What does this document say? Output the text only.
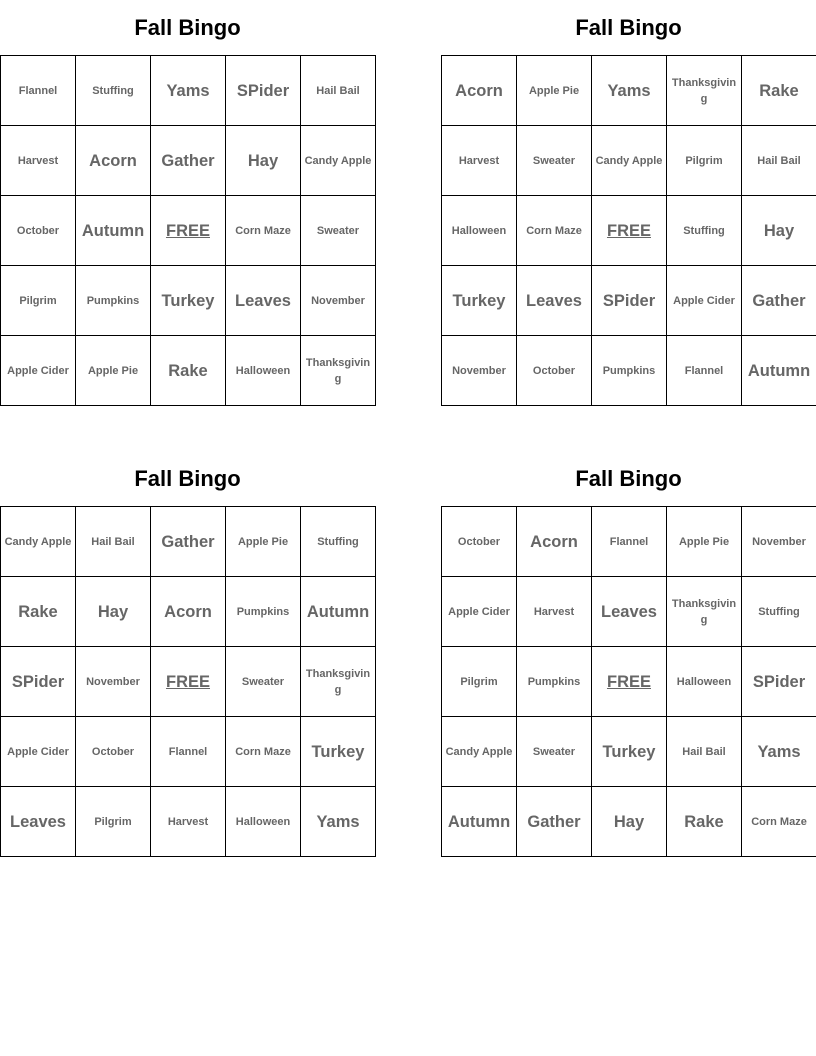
Fall Bingo
Flannel	Stuffing	Yams	SPider	Hail Bail
Harvest	Acorn	Gather	Hay	Candy Apple
October	Autumn	FREE	Corn Maze	Sweater
Pilgrim	Pumpkins	Turkey	Leaves	November
Apple Cider	Apple Pie	Rake	Halloween	Thanksgiving
Fall Bingo
Acorn	Apple Pie	Yams	Thanksgiving	Rake
Harvest	Sweater	Candy Apple	Pilgrim	Hail Bail
Halloween	Corn Maze	FREE	Stuffing	Hay
Turkey	Leaves	SPider	Apple Cider	Gather
November	October	Pumpkins	Flannel	Autumn
Fall Bingo
Candy Apple	Hail Bail	Gather	Apple Pie	Stuffing
Rake	Hay	Acorn	Pumpkins	Autumn
SPider	November	FREE	Sweater	Thanksgiving
Apple Cider	October	Flannel	Corn Maze	Turkey
Leaves	Pilgrim	Harvest	Halloween	Yams
Fall Bingo
October	Acorn	Flannel	Apple Pie	November
Apple Cider	Harvest	Leaves	Thanksgiving	Stuffing
Pilgrim	Pumpkins	FREE	Halloween	SPider
Candy Apple	Sweater	Turkey	Hail Bail	Yams
Autumn	Gather	Hay	Rake	Corn Maze
